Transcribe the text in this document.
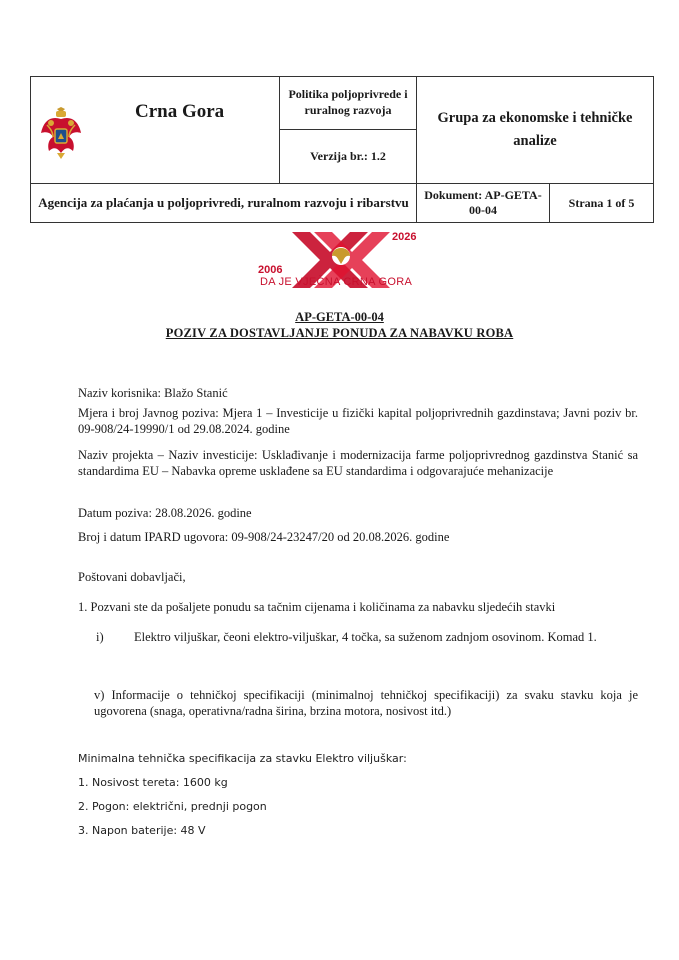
Crna Gora
Politika poljoprivrede i ruralnog razvoja
Verzija br.: 1.2
Grupa za ekonomske i tehničke analize
Agencija za plaćanja u poljoprivredi, ruralnom razvoju i ribarstvu	Dokument: AP-GETA-00-04
Strana 1 of 5
2006
2026
DA JE VJEČNA CRNA GORA
AP-GETA-00-04
POZIV ZA DOSTAVLJANJE PONUDA ZA NABAVKU ROBA
Naziv korisnika: Blažo Stanić
Mjera i broj Javnog poziva: Mjera 1 – Investicije u fizički kapital poljoprivrednih gazdinstava; Javni poziv br. 09-908/24-19990/1 od 29.08.2024. godine
Naziv projekta – Naziv investicije: Usklađivanje i modernizacija farme poljoprivrednog gazdinstva Stanić sa standardima EU – Nabavka opreme usklađene sa EU standardima i odgovarajuće mehanizacije
Datum poziva: 28.08.2026. godine
Broj i datum IPARD ugovora: 09-908/24-23247/20 od 20.08.2026. godine
Poštovani dobavljači,
1. Pozvani ste da pošaljete ponudu sa tačnim cijenama i količinama za nabavku sljedećih stavki
i)	Elektro viljuškar, čeoni elektro-viljuškar, 4 točka, sa suženom zadnjom osovinom. Komad 1.
v) Informacije o tehničkoj specifikaciji (minimalnoj tehničkoj specifikaciji) za svaku stavku koja je ugovorena (snaga, operativna/radna širina, brzina motora, nosivost itd.)
Minimalna tehnička specifikacija za stavku Elektro viljuškar:
1. Nosivost tereta: 1600 kg
2. Pogon: električni, prednji pogon
3. Napon baterije: 48 V
